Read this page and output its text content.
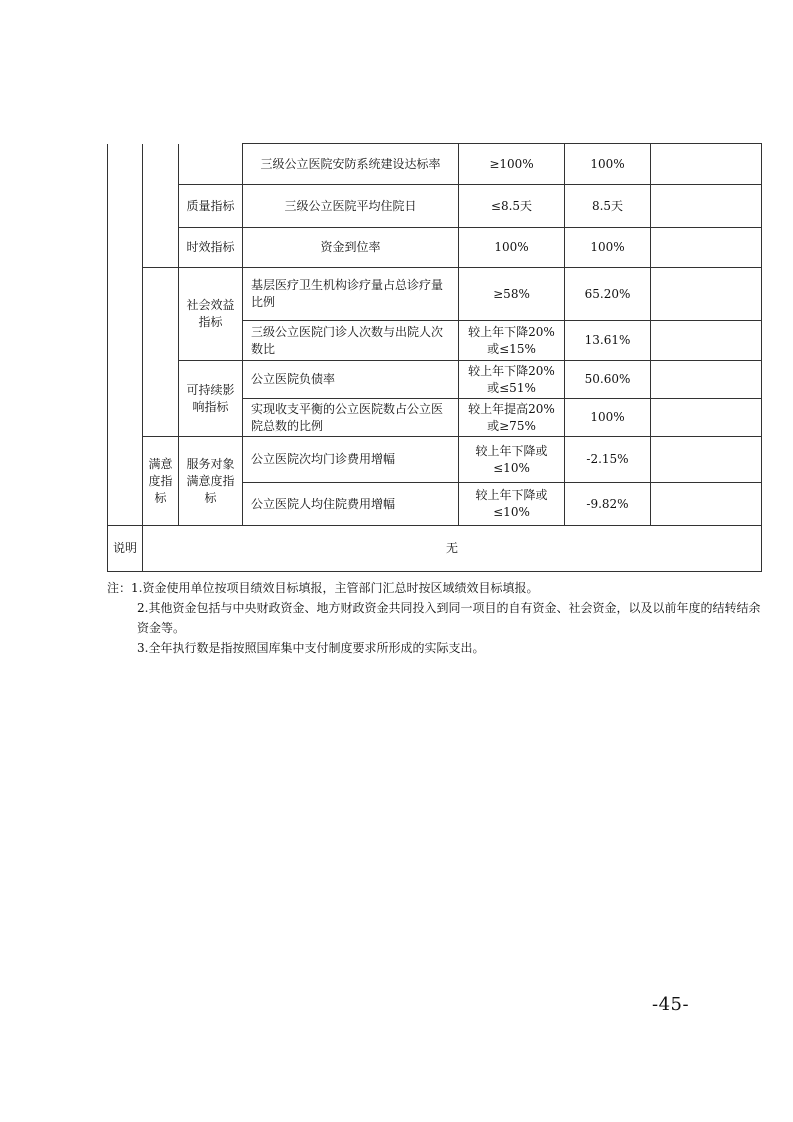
			三级公立医院安防系统建设达标率	≥100%	100%	
		质量指标	三级公立医院平均住院日	≤8.5天	8.5天	
		时效指标	资金到位率	100%	100%	
		社会效益指标	基层医疗卫生机构诊疗量占总诊疗量比例	≥58%	65.20%	
			三级公立医院门诊人次数与出院人次数比	较上年下降20%或≤15%	13.61%	
		可持续影响指标	公立医院负债率	较上年下降20%或≤51%	50.60%	
			实现收支平衡的公立医院数占公立医院总数的比例	较上年提高20%或≥75%	100%	
	满意度指标	服务对象满意度指标	公立医院次均门诊费用增幅	较上年下降或≤10%	-2.15%	
			公立医院人均住院费用增幅	较上年下降或≤10%	-9.82%	
说明	无					

注：1.资金使用单位按项目绩效目标填报，主管部门汇总时按区域绩效目标填报。

2.其他资金包括与中央财政资金、地方财政资金共同投入到同一项目的自有资金、社会资金，以及以前年度的结转结余资金等。

3.全年执行数是指按照国库集中支付制度要求所形成的实际支出。

-45-
